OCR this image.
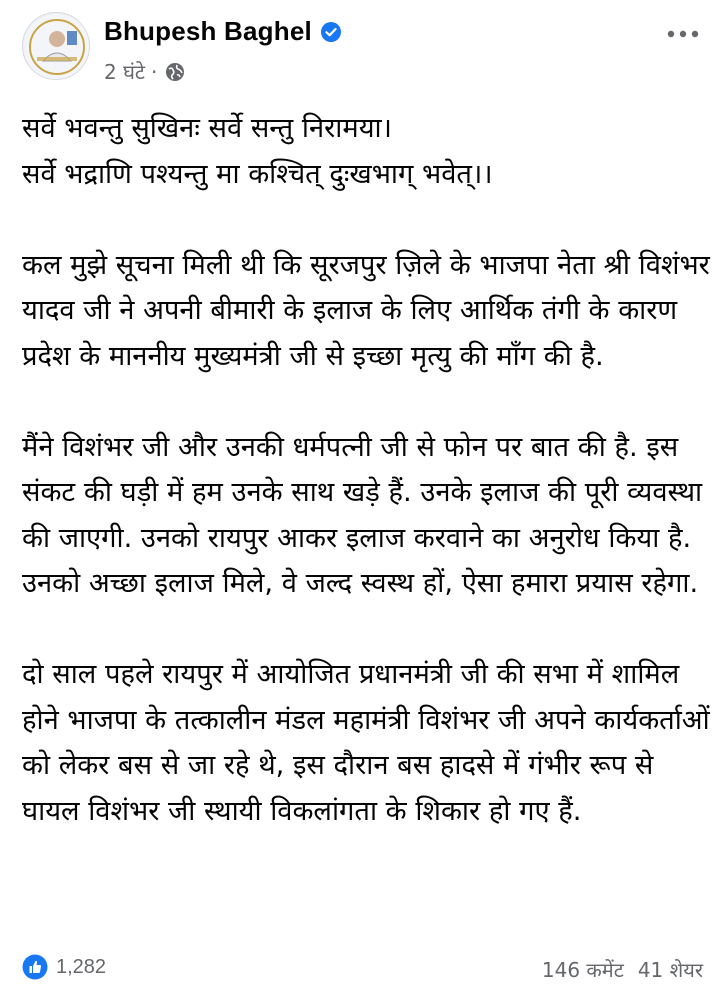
Bhupesh Baghel
2 घंटे ·

सर्वे भवन्तु सुखिनः सर्वे सन्तु निरामया।
सर्वे भद्राणि पश्यन्तु मा कश्चित् दुःखभाग् भवेत्।।

कल मुझे सूचना मिली थी कि सूरजपुर ज़िले के भाजपा नेता श्री विशंभर यादव जी ने अपनी बीमारी के इलाज के लिए आर्थिक तंगी के कारण प्रदेश के माननीय मुख्यमंत्री जी से इच्छा मृत्यु की माँग की है.

मैंने विशंभर जी और उनकी धर्मपत्नी जी से फोन पर बात की है. इस संकट की घड़ी में हम उनके साथ खड़े हैं. उनके इलाज की पूरी व्यवस्था की जाएगी. उनको रायपुर आकर इलाज करवाने का अनुरोध किया है. उनको अच्छा इलाज मिले, वे जल्द स्वस्थ हों, ऐसा हमारा प्रयास रहेगा.

दो साल पहले रायपुर में आयोजित प्रधानमंत्री जी की सभा में शामिल होने भाजपा के तत्कालीन मंडल महामंत्री विशंभर जी अपने कार्यकर्ताओं को लेकर बस से जा रहे थे, इस दौरान बस हादसे में गंभीर रूप से घायल विशंभर जी स्थायी विकलांगता के शिकार हो गए हैं.

1,282	146 कमेंट 41 शेयर
